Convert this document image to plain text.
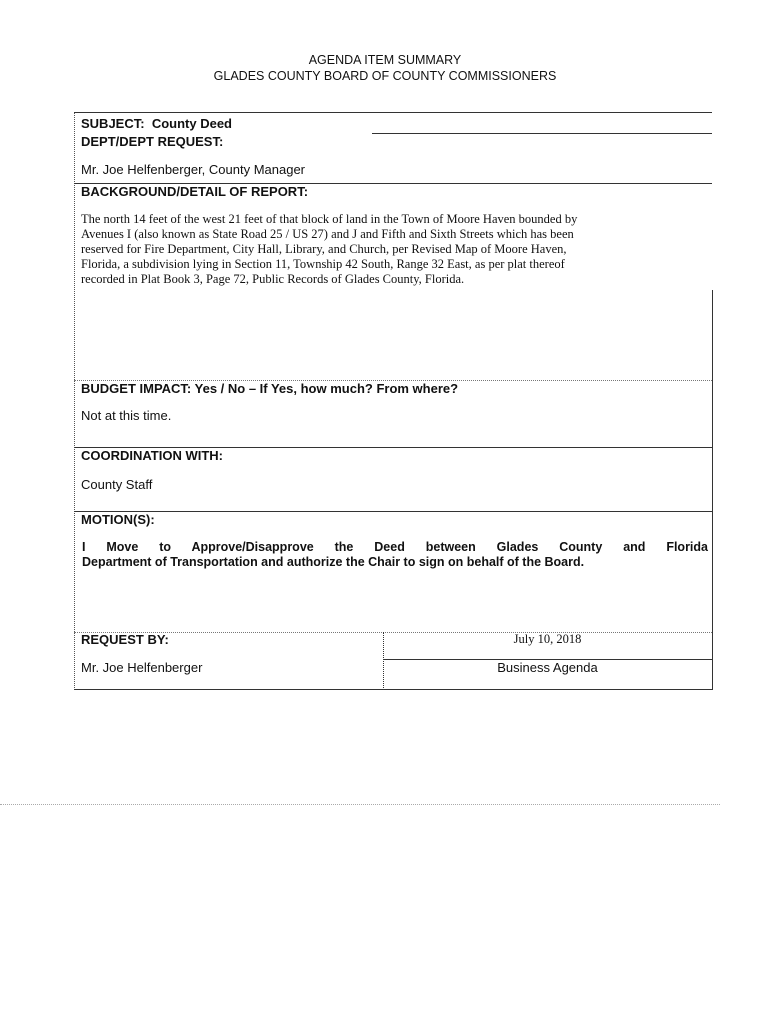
AGENDA ITEM SUMMARY
GLADES COUNTY BOARD OF COUNTY COMMISSIONERS
SUBJECT: County Deed
DEPT/DEPT REQUEST:
Mr. Joe Helfenberger, County Manager
BACKGROUND/DETAIL OF REPORT:
The north 14 feet of the west 21 feet of that block of land in the Town of Moore Haven bounded by
Avenues I (also known as State Road 25 / US 27) and J and Fifth and Sixth Streets which has been
reserved for Fire Department, City Hall, Library, and Church, per Revised Map of Moore Haven,
Florida, a subdivision lying in Section 11, Township 42 South, Range 32 East, as per plat thereof
recorded in Plat Book 3, Page 72, Public Records of Glades County, Florida.
BUDGET IMPACT: Yes / No – If Yes, how much? From where?
Not at this time.
COORDINATION WITH:
County Staff
MOTION(S):
I Move to Approve/Disapprove the Deed between Glades County and Florida
Department of Transportation and authorize the Chair to sign on behalf of the Board.
REQUEST BY:
Mr. Joe Helfenberger
July 10, 2018
Business Agenda
